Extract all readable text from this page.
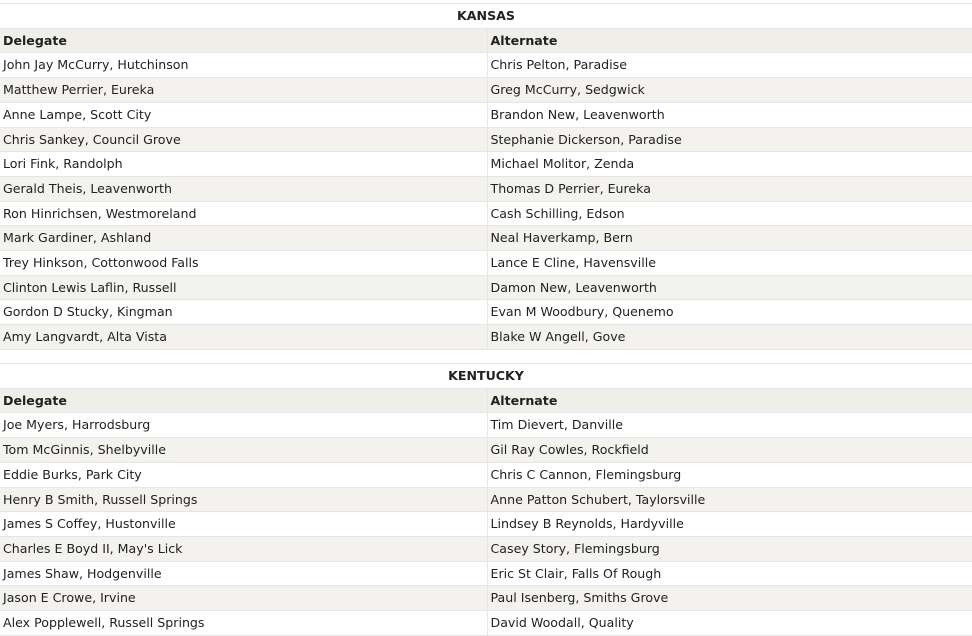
KANSAS	
Delegate	Alternate
John Jay McCurry, Hutchinson	Chris Pelton, Paradise
Matthew Perrier, Eureka	Greg McCurry, Sedgwick
Anne Lampe, Scott City	Brandon New, Leavenworth
Chris Sankey, Council Grove	Stephanie Dickerson, Paradise
Lori Fink, Randolph	Michael Molitor, Zenda
Gerald Theis, Leavenworth	Thomas D Perrier, Eureka
Ron Hinrichsen, Westmoreland	Cash Schilling, Edson
Mark Gardiner, Ashland	Neal Haverkamp, Bern
Trey Hinkson, Cottonwood Falls	Lance E Cline, Havensville
Clinton Lewis Laflin, Russell	Damon New, Leavenworth
Gordon D Stucky, Kingman	Evan M Woodbury, Quenemo
Amy Langvardt, Alta Vista	Blake W Angell, Gove
KENTUCKY	
Delegate	Alternate
Joe Myers, Harrodsburg	Tim Dievert, Danville
Tom McGinnis, Shelbyville	Gil Ray Cowles, Rockfield
Eddie Burks, Park City	Chris C Cannon, Flemingsburg
Henry B Smith, Russell Springs	Anne Patton Schubert, Taylorsville
James S Coffey, Hustonville	Lindsey B Reynolds, Hardyville
Charles E Boyd II, May's Lick	Casey Story, Flemingsburg
James Shaw, Hodgenville	Eric St Clair, Falls Of Rough
Jason E Crowe, Irvine	Paul Isenberg, Smiths Grove
Alex Popplewell, Russell Springs	David Woodall, Quality
